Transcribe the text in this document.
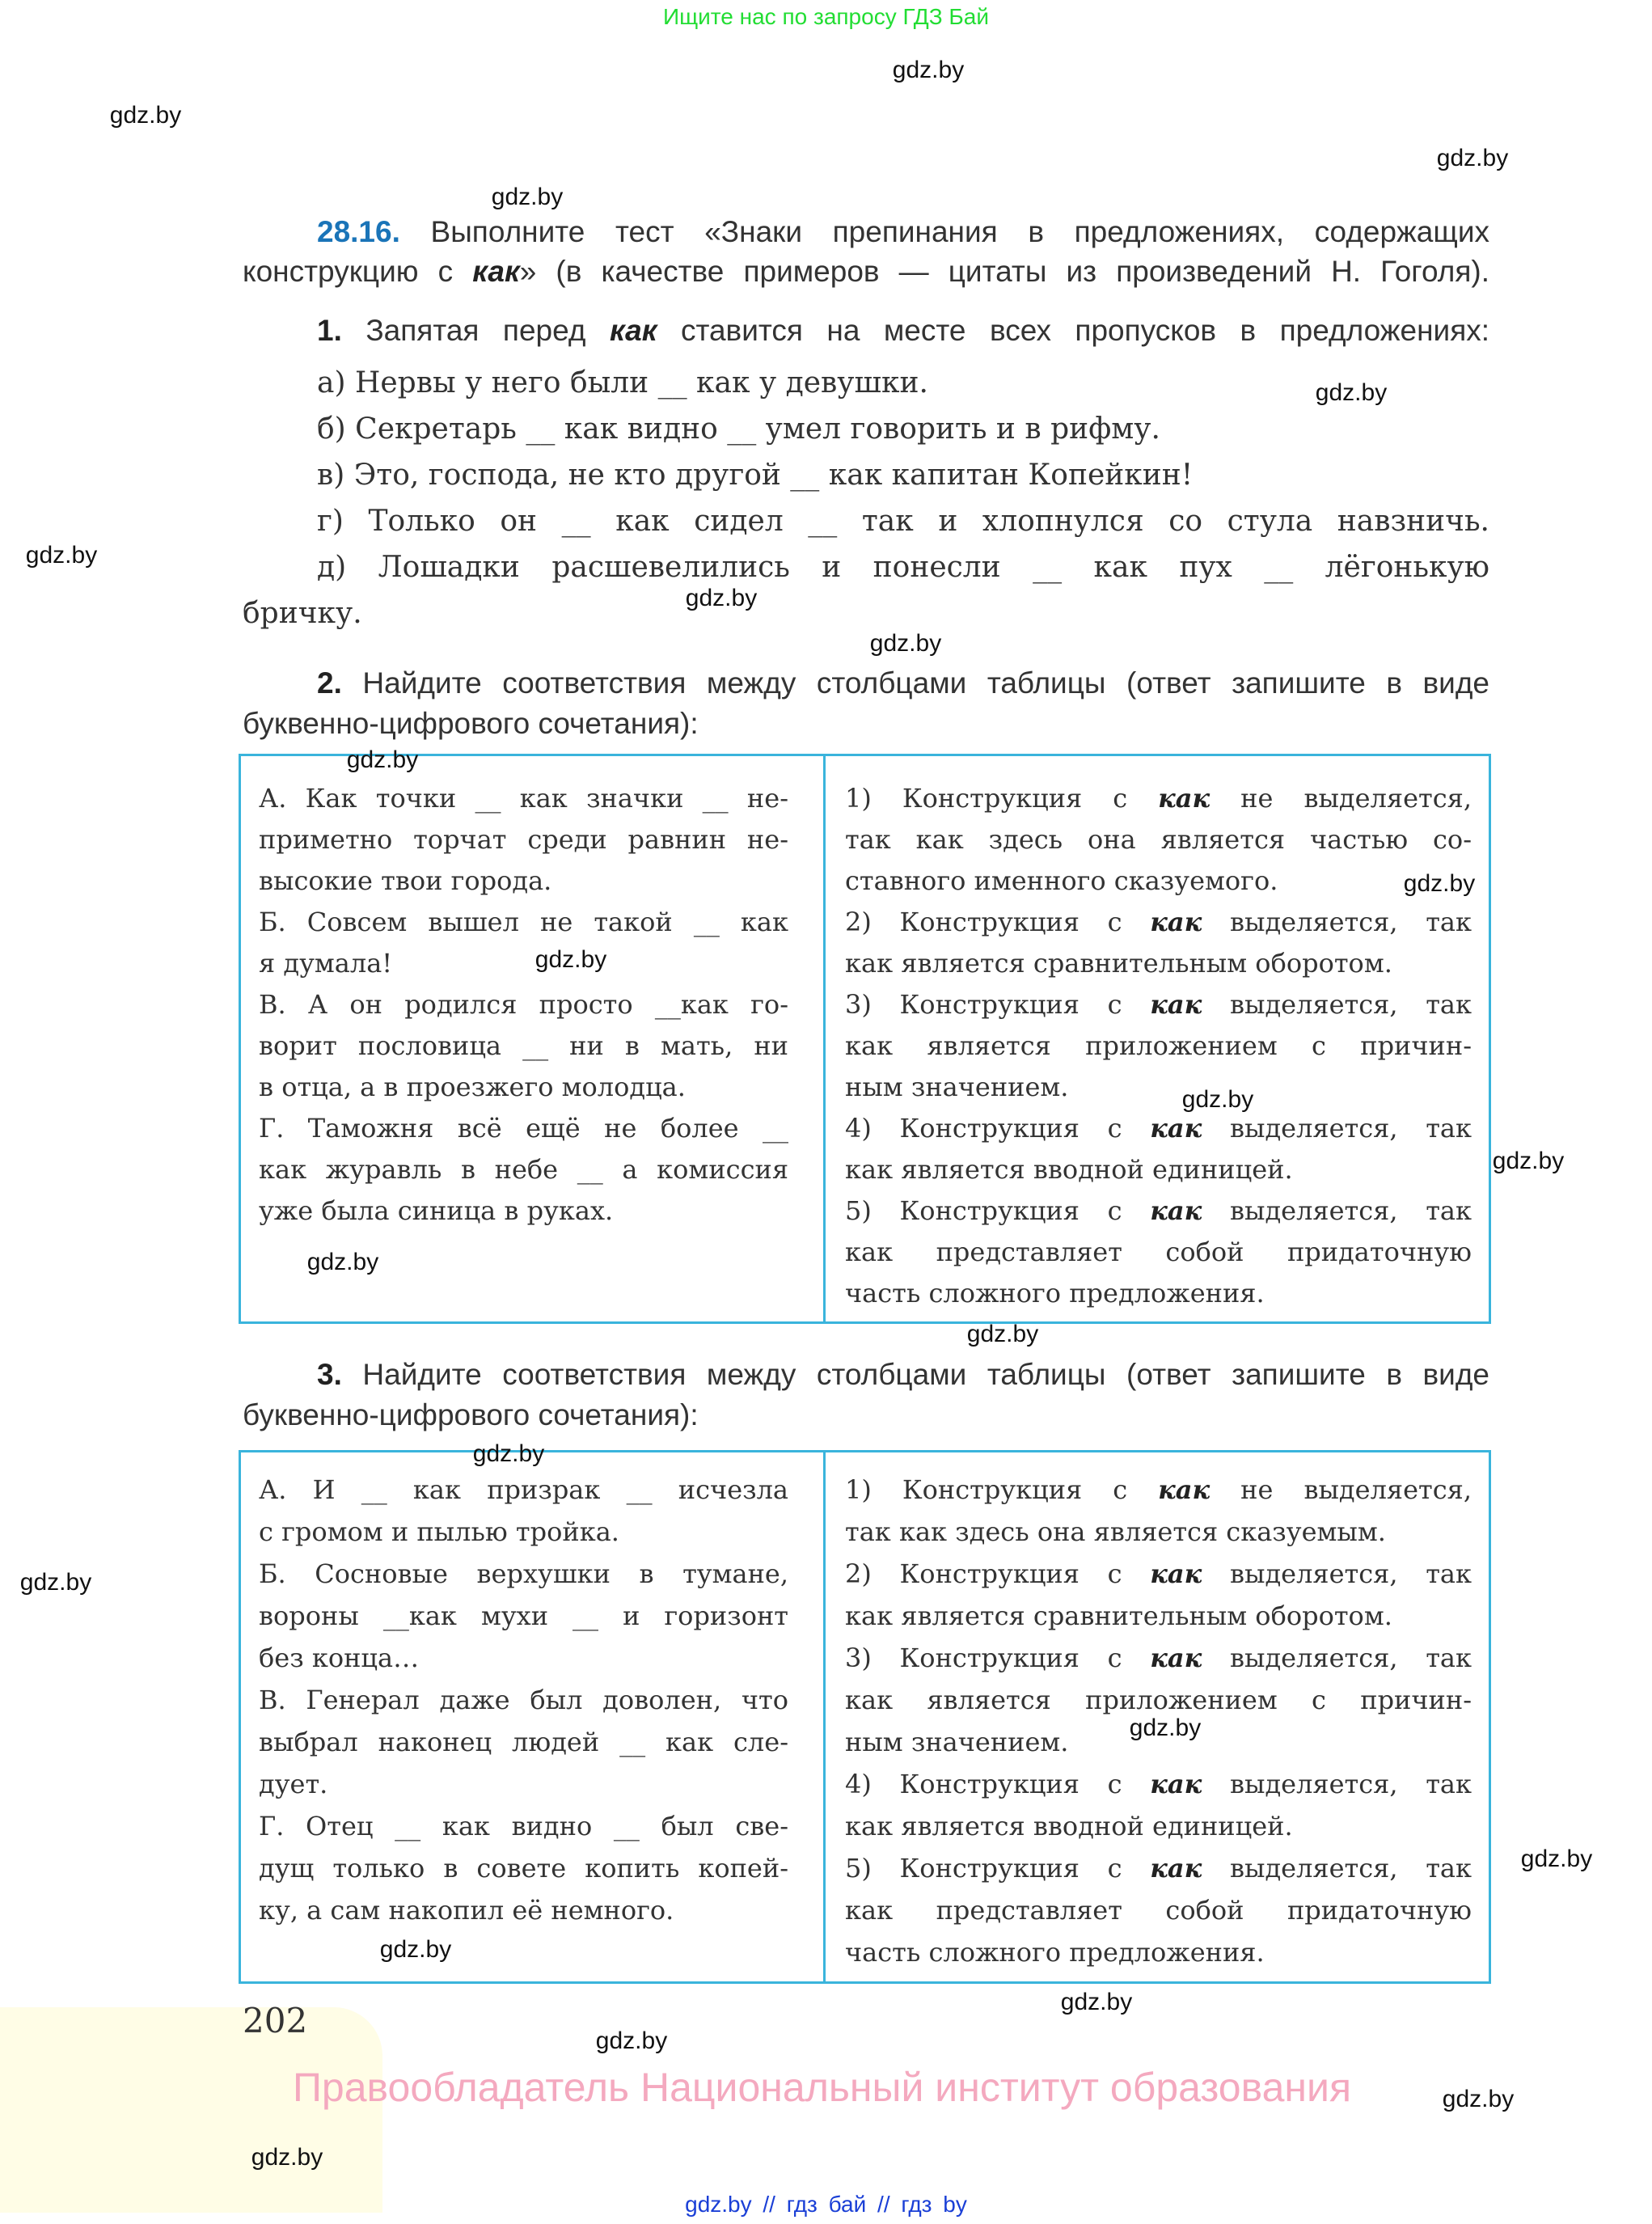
Ищите нас по запросу ГДЗ Бай
28.16. Выполните тест «Знаки препинания в предложениях, содержащих
конструкцию с как» (в качестве примеров — цитаты из произведений Н. Гоголя).
1. Запятая перед как ставится на месте всех пропусков в предложениях:
а) Нервы у него были __ как у девушки.
б) Секретарь __ как видно __ умел говорить и в рифму.
в) Это, господа, не кто другой __ как капитан Копейкин!
г) Только он __ как сидел __ так и хлопнулся со стула навзничь.
д) Лошадки расшевелились и понесли __ как пух __ лёгонькую
бричку.
2. Найдите соответствия между столбцами таблицы (ответ запишите в виде
буквенно-цифрового сочетания):
А. Как точки __ как значки __ не-
приметно торчат среди равнин не-
высокие твои города.
Б. Совсем вышел не такой __ как
я думала!
В. А он родился просто __как го-
ворит пословица __ ни в мать, ни
в отца, а в проезжего молодца.
Г. Таможня всё ещё не более __
как журавль в небе __ а комиссия
уже была синица в руках.
1) Конструкция с как не выделяется,
так как здесь она является частью со-
ставного именного сказуемого.
2) Конструкция с как выделяется, так
как является сравнительным оборотом.
3) Конструкция с как выделяется, так
как является приложением с причин-
ным значением.
4) Конструкция с как выделяется, так
как является вводной единицей.
5) Конструкция с как выделяется, так
как представляет собой придаточную
часть сложного предложения.
3. Найдите соответствия между столбцами таблицы (ответ запишите в виде
буквенно-цифрового сочетания):
А. И __ как призрак __ исчезла
с громом и пылью тройка.
Б. Сосновые верхушки в тумане,
вороны __как мухи __ и горизонт
без конца…
В. Генерал даже был доволен, что
выбрал наконец людей __ как сле-
дует.
Г. Отец __ как видно __ был све-
дущ только в совете копить копей-
ку, а сам накопил её немного.
1) Конструкция с как не выделяется,
так как здесь она является сказуемым.
2) Конструкция с как выделяется, так
как является сравнительным оборотом.
3) Конструкция с как выделяется, так
как является приложением с причин-
ным значением.
4) Конструкция с как выделяется, так
как является вводной единицей.
5) Конструкция с как выделяется, так
как представляет собой придаточную
часть сложного предложения.
202
Правообладатель Национальный институт образования
gdz.by // гдз бай // гдз by
gdz.by
gdz.by
gdz.by
gdz.by
gdz.by
gdz.by
gdz.by
gdz.by
gdz.by
gdz.by
gdz.by
gdz.by
gdz.by
gdz.by
gdz.by
gdz.by
gdz.by
gdz.by
gdz.by
gdz.by
gdz.by
gdz.by
gdz.by
gdz.by
